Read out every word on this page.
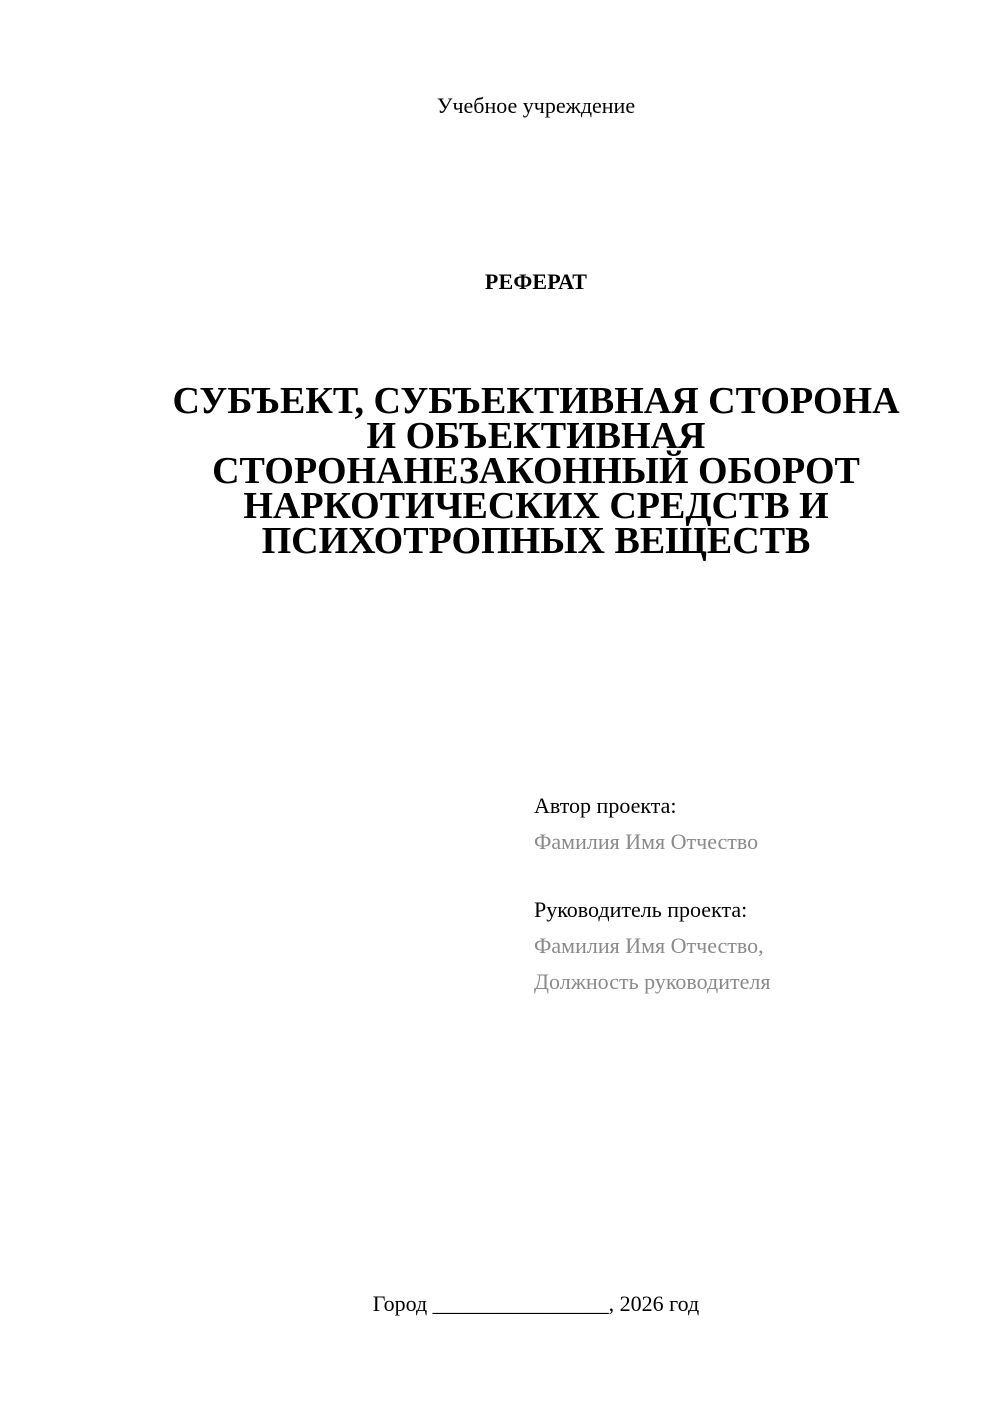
Учебное учреждение
РЕФЕРАТ
СУБЪЕКТ, СУБЪЕКТИВНАЯ СТОРОНА
И ОБЪЕКТИВНАЯ
СТОРОНАНЕЗАКОННЫЙ ОБОРОТ
НАРКОТИЧЕСКИХ СРЕДСТВ И
ПСИХОТРОПНЫХ ВЕЩЕСТВ
Автор проекта:
Фамилия Имя Отчество
Руководитель проекта:
Фамилия Имя Отчество,
Должность руководителя
Город ________________, 2026 год
